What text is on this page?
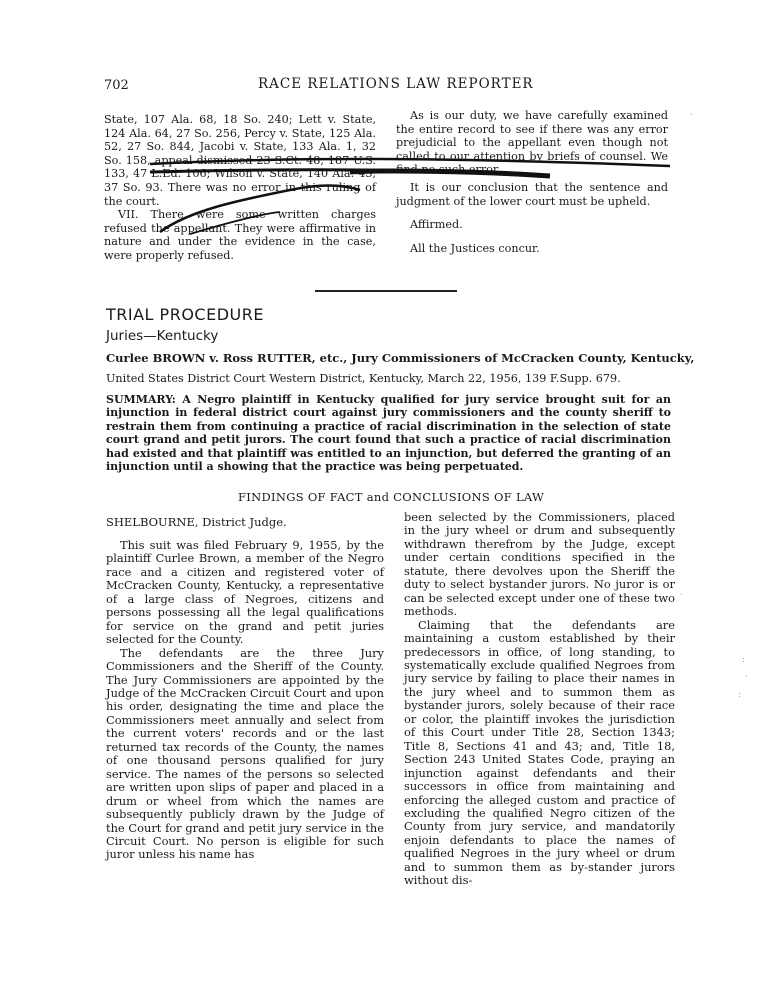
702	RACE RELATIONS LAW REPORTER

State, 107 Ala. 68, 18 So. 240; Lett v. State, 124 Ala. 64, 27 So. 256, Percy v. State, 125 Ala. 52, 27 So. 844, Jacobi v. State, 133 Ala. 1, 32 So. 158, appeal dismissed 23 S.Ct. 48, 187 U.S. 133, 47 L.Ed. 106; Wilson v. State, 140 Ala. 43, 37 So. 93. There was no error in this ruling of the court.

VII. There were some written charges refused the appellant. They were affirmative in nature and under the evidence in the case, were properly refused.

As is our duty, we have carefully examined the entire record to see if there was any error prejudicial to the appellant even though not called to our attention by briefs of counsel. We find no such error.

It is our conclusion that the sentence and judgment of the lower court must be upheld.

Affirmed.

All the Justices concur.

TRIAL PROCEDURE
Juries—Kentucky
Curlee BROWN v. Ross RUTTER, etc., Jury Commissioners of McCracken County, Kentucky,
United States District Court Western District, Kentucky, March 22, 1956, 139 F.Supp. 679.
SUMMARY: A Negro plaintiff in Kentucky qualified for jury service brought suit for an injunction in federal district court against jury commissioners and the county sheriff to restrain them from continuing a practice of racial discrimination in the selection of state court grand and petit jurors. The court found that such a practice of racial discrimination had existed and that plaintiff was entitled to an injunction, but deferred the granting of an injunction until a showing that the practice was being perpetuated.
FINDINGS OF FACT and CONCLUSIONS OF LAW
SHELBOURNE, District Judge.

This suit was filed February 9, 1955, by the plaintiff Curlee Brown, a member of the Negro race and a citizen and registered voter of McCracken County, Kentucky, a representative of a large class of Negroes, citizens and persons possessing all the legal qualifications for service on the grand and petit juries selected for the County.

The defendants are the three Jury Commissioners and the Sheriff of the County. The Jury Commissioners are appointed by the Judge of the McCracken Circuit Court and upon his order, designating the time and place the Commissioners meet annually and select from the current voters' records and or the last returned tax records of the County, the names of one thousand persons qualified for jury service. The names of the persons so selected are written upon slips of paper and placed in a drum or wheel from which the names are subsequently publicly drawn by the Judge of the Court for grand and petit jury service in the Circuit Court. No person is eligible for such juror unless his name has

been selected by the Commissioners, placed in the jury wheel or drum and subsequently withdrawn therefrom by the Judge, except under certain conditions specified in the statute, there devolves upon the Sheriff the duty to select bystander jurors. No juror is or can be selected except under one of these two methods.

Claiming that the defendants are maintaining a custom established by their predecessors in office, of long standing, to systematically exclude qualified Negroes from jury service by failing to place their names in the jury wheel and to summon them as bystander jurors, solely because of their race or color, the plaintiff invokes the jurisdiction of this Court under Title 28, Section 1343; Title 8, Sections 41 and 43; and, Title 18, Section 243 United States Code, praying an injunction against defendants and their successors in office from maintaining and enforcing the alleged custom and practice of excluding the qualified Negro citizen of the County from jury service, and mandatorily enjoin defendants to place the names of qualified Negroes in the jury wheel or drum and to summon them as by-stander jurors without dis-

:
·
:
·
·
